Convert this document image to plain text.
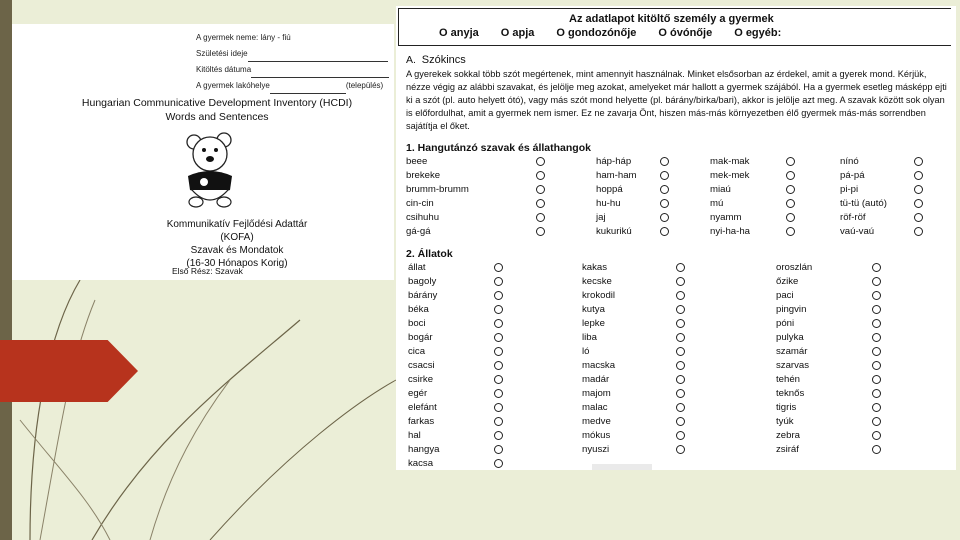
A gyermek neme: lány - fiú
Születési ideje
Kitöltés dátuma
A gyermek lakóhelye	(település)
Hungarian Communicative Development Inventory (HCDI)
Words and Sentences
Kommunikatív Fejlődési Adattár (KOFA)
Szavak és Mondatok
(16-30 Hónapos Korig)
Első Rész: Szavak
Az adatlapot kitöltő személy a gyermek
O anyja O apja O gondozónője O óvónője O egyéb:
A. Szókincs
A gyerekek sokkal több szót megértenek, mint amennyit használnak. Minket elsősorban az érdekel, amit a gyerek mond. Kérjük, nézze végig az alábbi szavakat, és jelölje meg azokat, amelyeket már hallott a gyermek szájából. Ha a gyermek esetleg másképp ejti ki a szót (pl. auto helyett ótó), vagy más szót mond helyette (pl. bárány/birka/bari), akkor is jelölje azt meg. A szavak között sok olyan is előfordulhat, amit a gyermek nem ismer. Ez ne zavarja Önt, hiszen más-más környezetben élő gyermek más-más sorrendben sajátítja el őket.
1. Hangutánzó szavak és állathangok
beee
brekeke
brumm-brumm
cin-cin
csihuhu
gá-gá
háp-háp
ham-ham
hoppá
hu-hu
jaj
kukurikú
mak-mak
mek-mek
miaú
mú
nyamm
nyi-ha-ha
nínó
pá-pá
pi-pi
tü-tü (autó)
röf-röf
vaú-vaú
2. Állatok
állat
bagoly
bárány
béka
boci
bogár
cica
csacsi
csirke
egér
elefánt
farkas
hal
hangya
kacsa
kakas
kecske
krokodil
kutya
lepke
liba
ló
macska
madár
majom
malac
medve
mókus
nyuszi
oroszlán
őzike
paci
pingvin
póni
pulyka
szamár
szarvas
tehén
teknős
tigris
tyúk
zebra
zsiráf
